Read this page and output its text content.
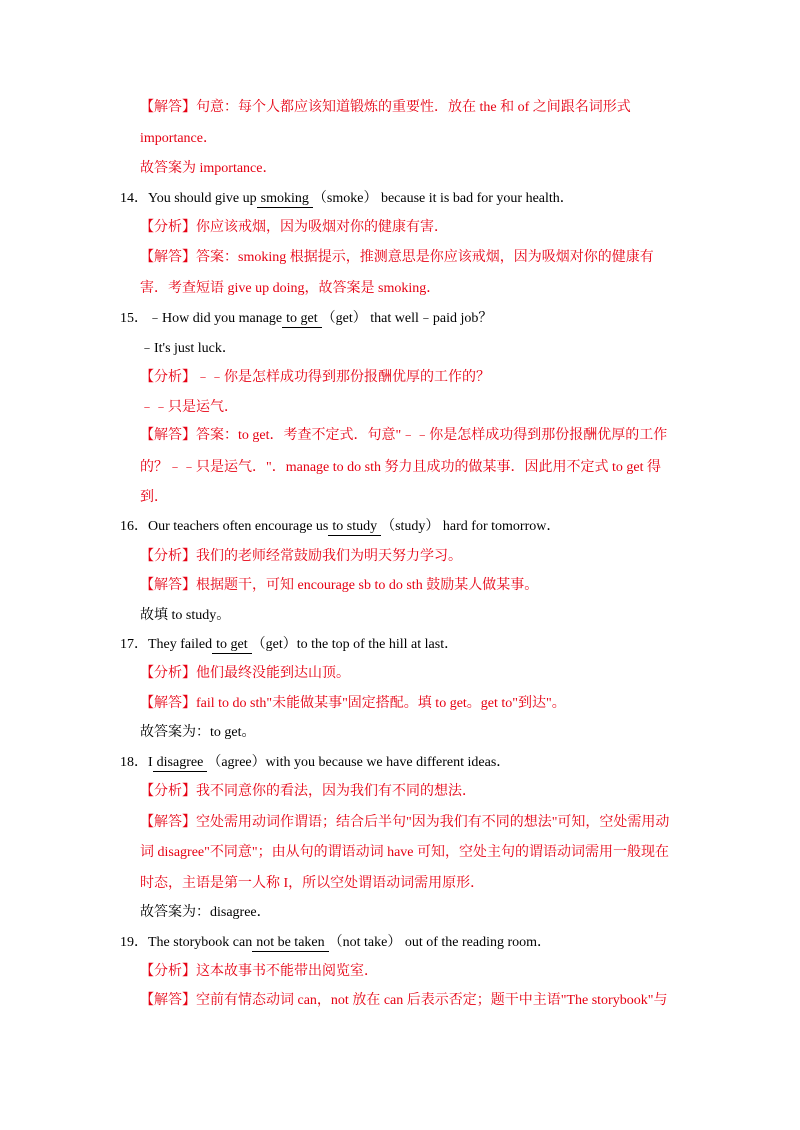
【解答】句意：每个人都应该知道锻炼的重要性．放在 the 和 of 之间跟名词形式
importance．
故答案为 importance．
14．You should give up smoking （smoke） because it is bad for your health．
【分析】你应该戒烟，因为吸烟对你的健康有害．
【解答】答案：smoking 根据提示，推测意思是你应该戒烟，因为吸烟对你的健康有
害．考查短语 give up doing，故答案是 smoking．
15．﹣How did you manage to get （get） that well﹣paid job？
﹣It's just luck．
【分析】﹣﹣你是怎样成功得到那份报酬优厚的工作的？
﹣﹣只是运气．
【解答】答案：to get．考查不定式．句意"﹣﹣你是怎样成功得到那份报酬优厚的工作
的？﹣﹣只是运气．"．manage to do sth 努力且成功的做某事．因此用不定式 to get 得
到．
16．Our teachers often encourage us to study （study） hard for tomorrow．
【分析】我们的老师经常鼓励我们为明天努力学习。
【解答】根据题干，可知 encourage sb to do sth 鼓励某人做某事。
故填 to study。
17．They failed to get （get）to the top of the hill at last．
【分析】他们最终没能到达山顶。
【解答】fail to do sth"未能做某事"固定搭配。填 to get。get to"到达"。
故答案为：to get。
18．I disagree （agree）with you because we have different ideas．
【分析】我不同意你的看法，因为我们有不同的想法．
【解答】空处需用动词作谓语；结合后半句"因为我们有不同的想法"可知，空处需用动
词 disagree"不同意"；由从句的谓语动词 have 可知，空处主句的谓语动词需用一般现在
时态，主语是第一人称 I，所以空处谓语动词需用原形．
故答案为：disagree．
19．The storybook can not be taken （not take） out of the reading room．
【分析】这本故事书不能带出阅览室．
【解答】空前有情态动词 can，not 放在 can 后表示否定；题干中主语"The storybook"与
